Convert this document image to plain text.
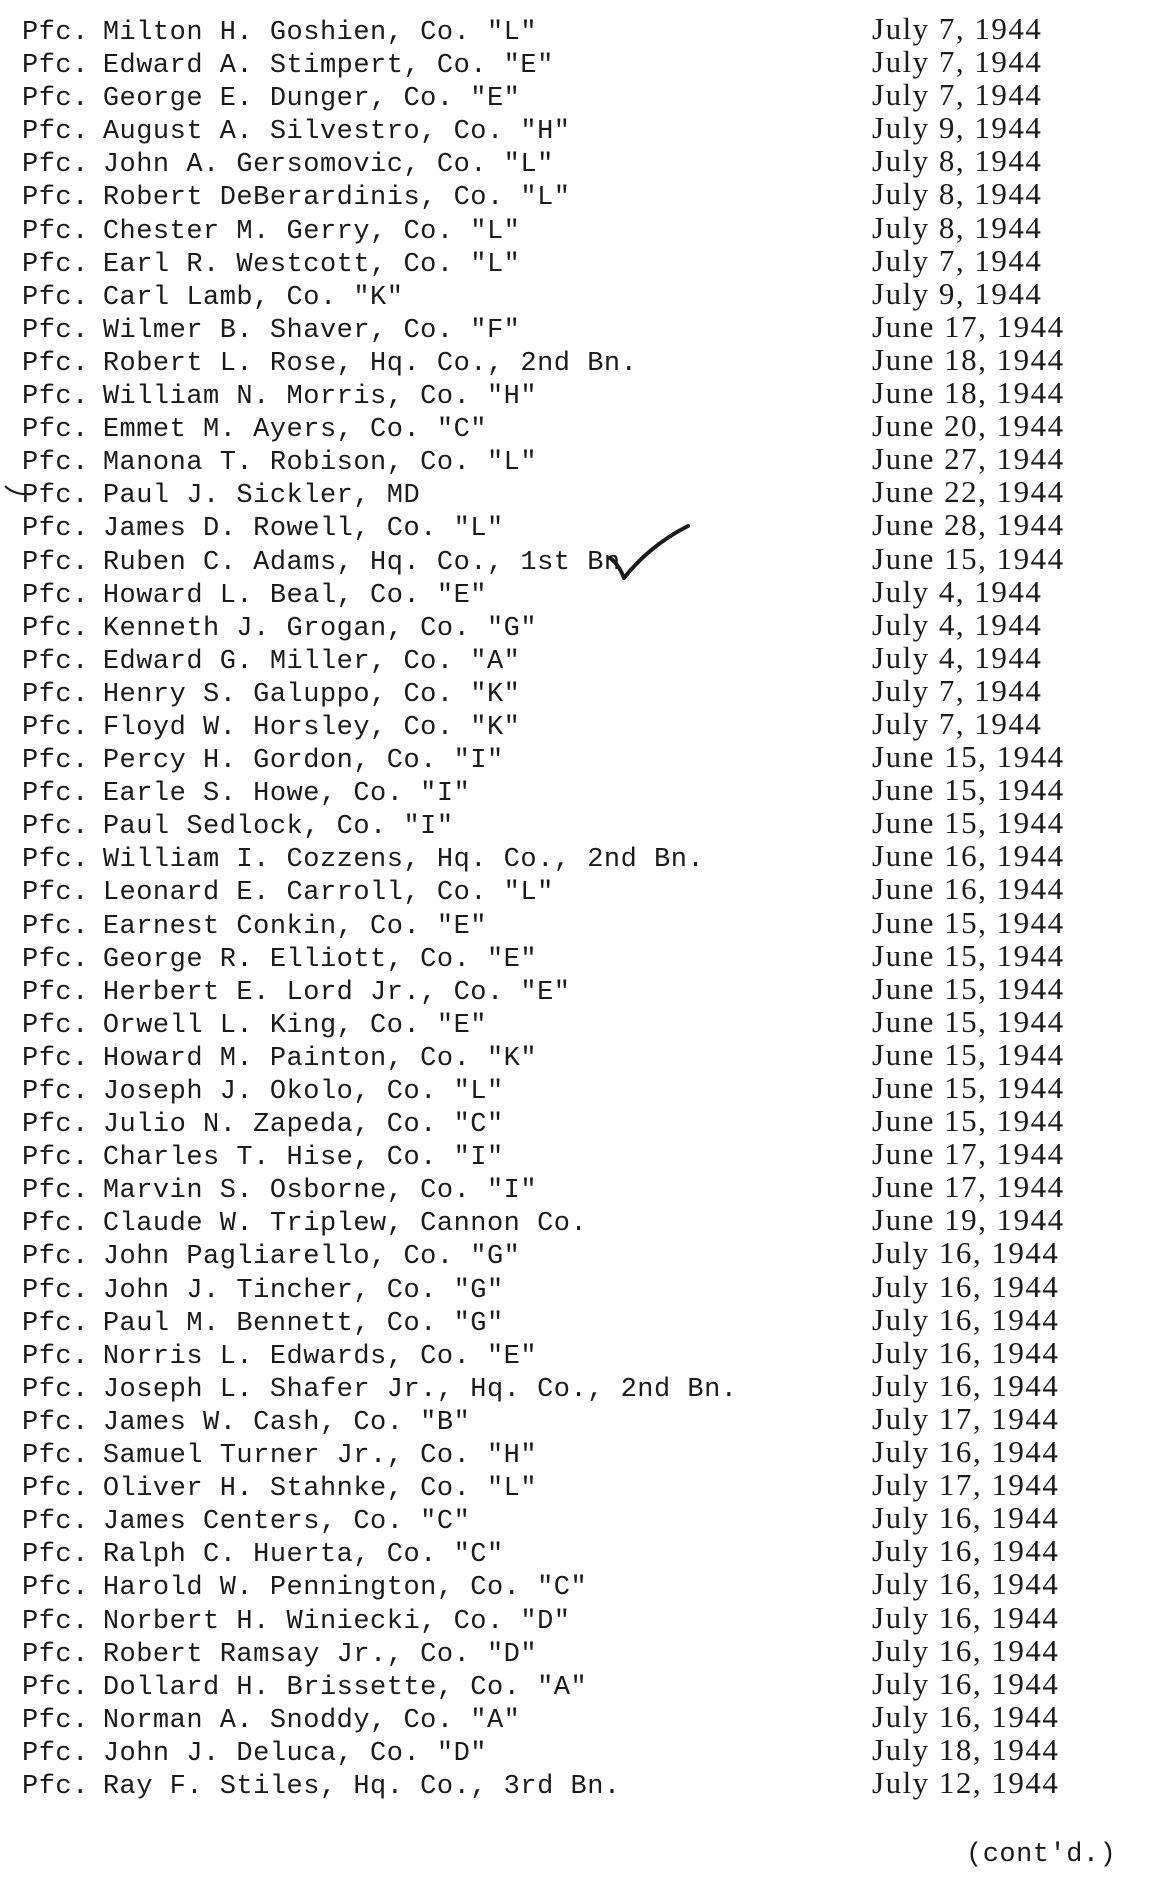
Pfc. Milton H. Goshien, Co. "L"	July 7, 1944
Pfc. Edward A. Stimpert, Co. "E"	July 7, 1944
Pfc. George E. Dunger, Co. "E"	July 7, 1944
Pfc. August A. Silvestro, Co. "H"	July 9, 1944
Pfc. John A. Gersomovic, Co. "L"	July 8, 1944
Pfc. Robert DeBerardinis, Co. "L"	July 8, 1944
Pfc. Chester M. Gerry, Co. "L"	July 8, 1944
Pfc. Earl R. Westcott, Co. "L"	July 7, 1944
Pfc. Carl Lamb, Co. "K"	July 9, 1944
Pfc. Wilmer B. Shaver, Co. "F"	June 17, 1944
Pfc. Robert L. Rose, Hq. Co., 2nd Bn.	June 18, 1944
Pfc. William N. Morris, Co. "H"	June 18, 1944
Pfc. Emmet M. Ayers, Co. "C"	June 20, 1944
Pfc. Manona T. Robison, Co. "L"	June 27, 1944
Pfc. Paul J. Sickler, MD	June 22, 1944
Pfc. James D. Rowell, Co. "L"	June 28, 1944
Pfc. Ruben C. Adams, Hq. Co., 1st Bn	June 15, 1944
Pfc. Howard L. Beal, Co. "E"	July 4, 1944
Pfc. Kenneth J. Grogan, Co. "G"	July 4, 1944
Pfc. Edward G. Miller, Co. "A"	July 4, 1944
Pfc. Henry S. Galuppo, Co. "K"	July 7, 1944
Pfc. Floyd W. Horsley, Co. "K"	July 7, 1944
Pfc. Percy H. Gordon, Co. "I"	June 15, 1944
Pfc. Earle S. Howe, Co. "I"	June 15, 1944
Pfc. Paul Sedlock, Co. "I"	June 15, 1944
Pfc. William I. Cozzens, Hq. Co., 2nd Bn.	June 16, 1944
Pfc. Leonard E. Carroll, Co. "L"	June 16, 1944
Pfc. Earnest Conkin, Co. "E"	June 15, 1944
Pfc. George R. Elliott, Co. "E"	June 15, 1944
Pfc. Herbert E. Lord Jr., Co. "E"	June 15, 1944
Pfc. Orwell L. King, Co. "E"	June 15, 1944
Pfc. Howard M. Painton, Co. "K"	June 15, 1944
Pfc. Joseph J. Okolo, Co. "L"	June 15, 1944
Pfc. Julio N. Zapeda, Co. "C"	June 15, 1944
Pfc. Charles T. Hise, Co. "I"	June 17, 1944
Pfc. Marvin S. Osborne, Co. "I"	June 17, 1944
Pfc. Claude W. Triplew, Cannon Co.	June 19, 1944
Pfc. John Pagliarello, Co. "G"	July 16, 1944
Pfc. John J. Tincher, Co. "G"	July 16, 1944
Pfc. Paul M. Bennett, Co. "G"	July 16, 1944
Pfc. Norris L. Edwards, Co. "E"	July 16, 1944
Pfc. Joseph L. Shafer Jr., Hq. Co., 2nd Bn.	July 16, 1944
Pfc. James W. Cash, Co. "B"	July 17, 1944
Pfc. Samuel Turner Jr., Co. "H"	July 16, 1944
Pfc. Oliver H. Stahnke, Co. "L"	July 17, 1944
Pfc. James Centers, Co. "C"	July 16, 1944
Pfc. Ralph C. Huerta, Co. "C"	July 16, 1944
Pfc. Harold W. Pennington, Co. "C"	July 16, 1944
Pfc. Norbert H. Winiecki, Co. "D"	July 16, 1944
Pfc. Robert Ramsay Jr., Co. "D"	July 16, 1944
Pfc. Dollard H. Brissette, Co. "A"	July 16, 1944
Pfc. Norman A. Snoddy, Co. "A"	July 16, 1944
Pfc. John J. Deluca, Co. "D"	July 18, 1944
Pfc. Ray F. Stiles, Hq. Co., 3rd Bn.	July 12, 1944
(cont'd.)
